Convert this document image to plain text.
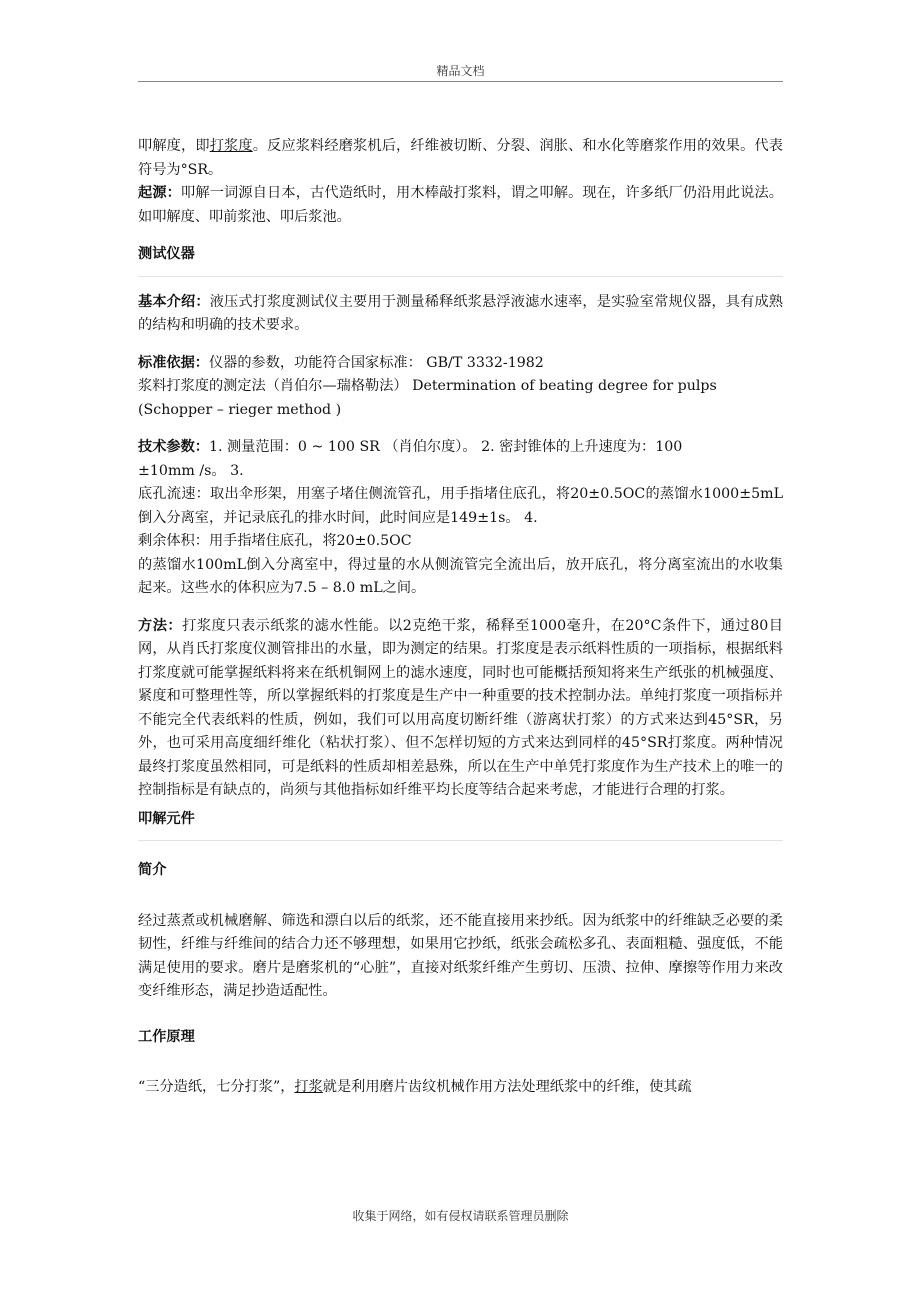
精品文档

叩解度，即打浆度。反应浆料经磨浆机后，纤维被切断、分裂、润胀、和水化等磨浆作用的效果。代表符号为°SR。

起源：叩解一词源自日本，古代造纸时，用木棒敲打浆料，谓之叩解。现在，许多纸厂仍沿用此说法。如叩解度、叩前浆池、叩后浆池。

测试仪器

基本介绍：液压式打浆度测试仪主要用于测量稀释纸浆悬浮液滤水速率，是实验室常规仪器，具有成熟 的结构和明确的技术要求。

标准依据：仪器的参数，功能符合国家标准： GB/T 3332-1982
浆料打浆度的测定法（肖伯尔—瑞格勒法） Determination of beating degree for pulps
(Schopper – rieger method )

技术参数：1. 测量范围：0 ~ 100 SR （肖伯尔度）。 2. 密封锥体的上升速度为：100
±10mm /s。 3.
底孔流速：取出伞形架，用塞子堵住侧流管孔，用手指堵住底孔，将20±0.5OC的蒸馏水1000±5mL倒入分离室，并记录底孔的排水时间，此时间应是149±1s。 4.
剩余体积：用手指堵住底孔，将20±0.5OC
的蒸馏水100mL倒入分离室中，得过量的水从侧流管完全流出后，放开底孔，将分离室流出的水收集起来。这些水的体积应为7.5 – 8.0 mL之间。

方法：打浆度只表示纸浆的滤水性能。以2克绝干浆，稀释至1000毫升，在20°C条件下，通过80目网，从肖氏打浆度仪测管排出的水量，即为测定的结果。打浆度是表示纸料性质的一项指标，根据纸料打浆度就可能掌握纸料将来在纸机铜网上的滤水速度，同时也可能概括预知将来生产纸张的机械强度、紧度和可整理性等，所以掌握纸料的打浆度是生产中一种重要的技术控制办法。单纯打浆度一项指标并不能完全代表纸料的性质，例如，我们可以用高度切断纤维（游离状打浆）的方式来达到45°SR，另外，也可采用高度细纤维化（粘状打浆）、但不怎样切短的方式来达到同样的45°SR打浆度。两种情况最终打浆度虽然相同，可是纸料的性质却相差悬殊，所以在生产中单凭打浆度作为生产技术上的唯一的控制指标是有缺点的，尚须与其他指标如纤维平均长度等结合起来考虑，才能进行合理的打浆。

叩解元件
简介

经过蒸煮或机械磨解、筛选和漂白以后的纸浆，还不能直接用来抄纸。因为纸浆中的纤维缺乏必要的柔韧性，纤维与纤维间的结合力还不够理想，如果用它抄纸，纸张会疏松多孔、表面粗糙、强度低，不能满足使用的要求。磨片是磨浆机的“心脏”，直接对纸浆纤维产生剪切、压溃、拉伸、摩擦等作用力来改变纤维形态，满足抄造适配性。

工作原理

“三分造纸，七分打浆”，打浆就是利用磨片齿纹机械作用方法处理纸浆中的纤维，使其疏

收集于网络，如有侵权请联系管理员删除
